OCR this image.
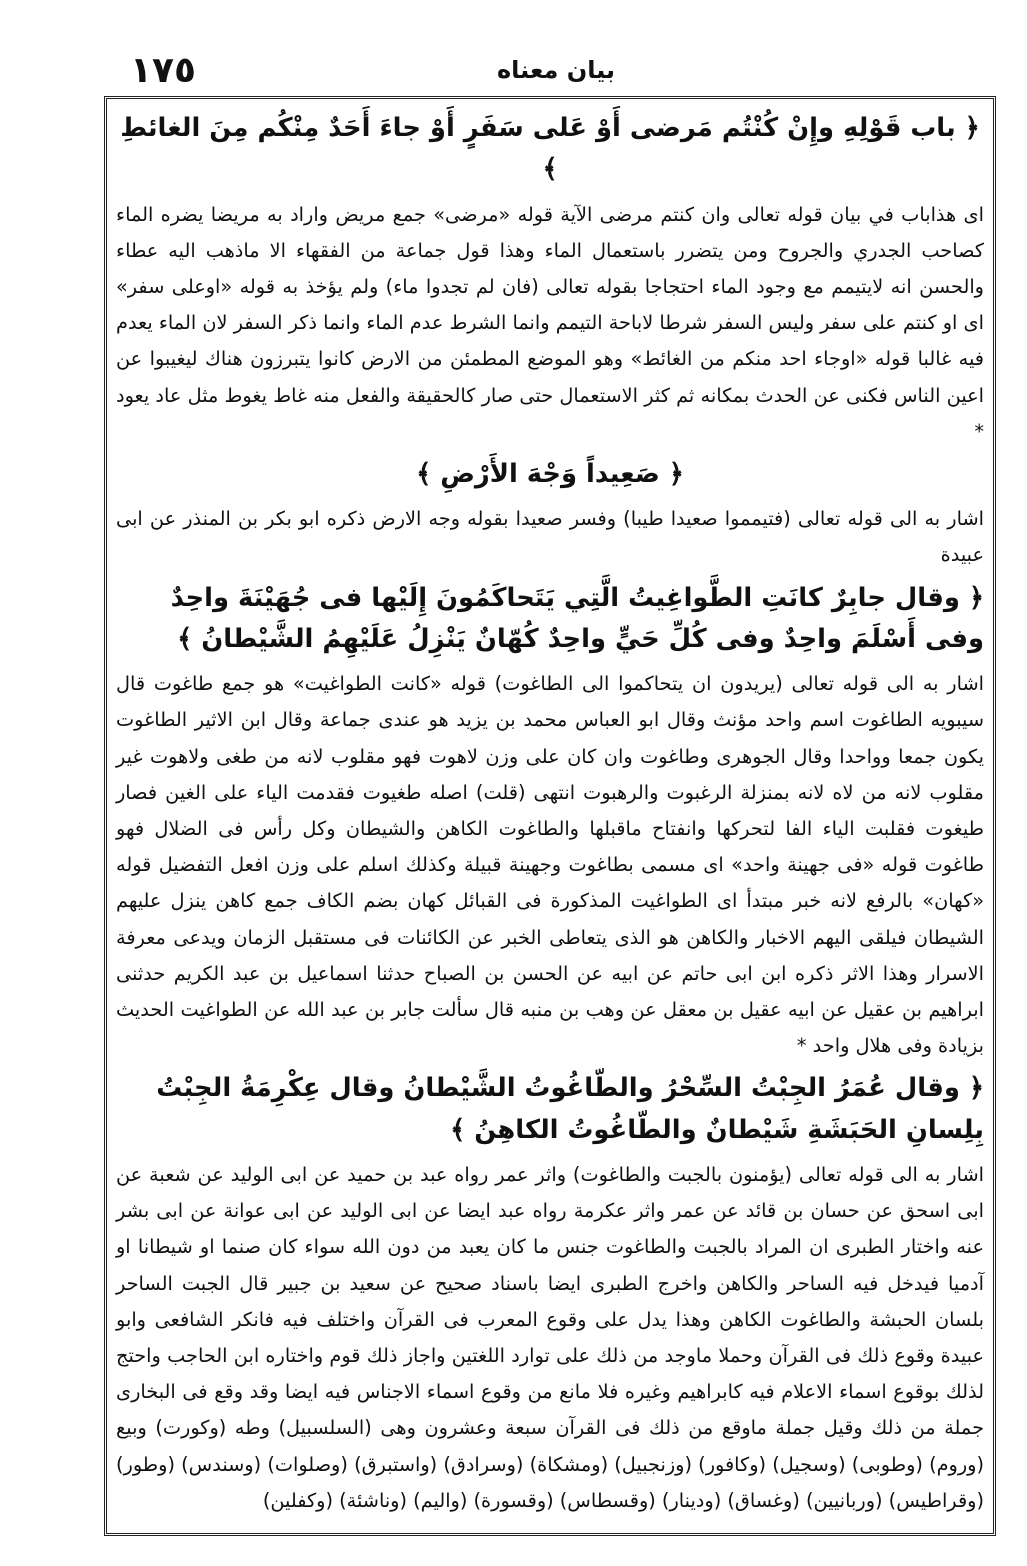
١٧٥	بيان معناه
﴿ باب قَوْلِهِ وإِنْ كُنْتُم مَرضى أَوْ عَلى سَفَرٍ أَوْ جاءَ أَحَدٌ مِنْكُم مِنَ الغائطِ ﴾

اى هذاباب في بيان قوله تعالى وان كنتم مرضى الآية قوله «مرضى» جمع مريض واراد به مريضا يضره الماء كصاحب الجدري والجروح ومن يتضرر باستعمال الماء وهذا قول جماعة من الفقهاء الا ماذهب اليه عطاء والحسن انه لايتيمم مع وجود الماء احتجاجا بقوله تعالى (فان لم تجدوا ماء) ولم يؤخذ به قوله «اوعلى سفر» اى او كنتم على سفر وليس السفر شرطا لاباحة التيمم وانما الشرط عدم الماء وانما ذكر السفر لان الماء يعدم فيه غالبا قوله «اوجاء احد منكم من الغائط» وهو الموضع المطمئن من الارض كانوا يتبرزون هناك ليغيبوا عن اعين الناس فكنى عن الحدث بمكانه ثم كثر الاستعمال حتى صار كالحقيقة والفعل منه غاط يغوط مثل عاد يعود *

﴿ صَعِيداً وَجْهَ الأَرْضِ ﴾

اشار به الى قوله تعالى (فتيمموا صعيدا طيبا) وفسر صعيدا بقوله وجه الارض ذكره ابو بكر بن المنذر عن ابى عبيدة

﴿ وقال جابِرٌ كانَتِ الطَّواغِيتُ الَّتِي يَتَحاكَمُونَ إِلَيْها فى جُهَيْنَةَ واحِدٌ وفى أَسْلَمَ واحِدٌ وفى كُلِّ حَيٍّ واحِدٌ كُهّانٌ يَنْزِلُ عَلَيْهِمُ الشَّيْطانُ ﴾

اشار به الى قوله تعالى (يريدون ان يتحاكموا الى الطاغوت) قوله «كانت الطواغيت» هو جمع طاغوت قال سيبويه الطاغوت اسم واحد مؤنث وقال ابو العباس محمد بن يزيد هو عندى جماعة وقال ابن الاثير الطاغوت يكون جمعا وواحدا وقال الجوهرى وطاغوت وان كان على وزن لاهوت فهو مقلوب لانه من طغى ولاهوت غير مقلوب لانه من لاه لانه بمنزلة الرغبوت والرهبوت انتهى (قلت) اصله طغيوت فقدمت الياء على الغين فصار طيغوت فقلبت الياء الفا لتحركها وانفتاح ماقبلها والطاغوت الكاهن والشيطان وكل رأس فى الضلال فهو طاغوت قوله «فى جهينة واحد» اى مسمى بطاغوت وجهينة قبيلة وكذلك اسلم على وزن افعل التفضيل قوله «كهان» بالرفع لانه خبر مبتدأ اى الطواغيت المذكورة فى القبائل كهان بضم الكاف جمع كاهن ينزل عليهم الشيطان فيلقى اليهم الاخبار والكاهن هو الذى يتعاطى الخبر عن الكائنات فى مستقبل الزمان ويدعى معرفة الاسرار وهذا الاثر ذكره ابن ابى حاتم عن ابيه عن الحسن بن الصباح حدثنا اسماعيل بن عبد الكريم حدثنى ابراهيم بن عقيل عن ابيه عقيل بن معقل عن وهب بن منبه قال سألت جابر بن عبد الله عن الطواغيت الحديث بزيادة وفى هلال واحد *

﴿ وقال عُمَرُ الجِبْتُ السِّحْرُ والطّاغُوتُ الشَّيْطانُ وقال عِكْرِمَةُ الجِبْتُ بِلِسانِ الحَبَشَةِ شَيْطانٌ والطّاغُوتُ الكاهِنُ ﴾

اشار به الى قوله تعالى (يؤمنون بالجبت والطاغوت) واثر عمر رواه عبد بن حميد عن ابى الوليد عن شعبة عن ابى اسحق عن حسان بن قائد عن عمر واثر عكرمة رواه عبد ايضا عن ابى الوليد عن ابى عوانة عن ابى بشر عنه واختار الطبرى ان المراد بالجبت والطاغوت جنس ما كان يعبد من دون الله سواء كان صنما او شيطانا او آدميا فيدخل فيه الساحر والكاهن واخرج الطبرى ايضا باسناد صحيح عن سعيد بن جبير قال الجبت الساحر بلسان الحبشة والطاغوت الكاهن وهذا يدل على وقوع المعرب فى القرآن واختلف فيه فانكر الشافعى وابو عبيدة وقوع ذلك فى القرآن وحملا ماوجد من ذلك على توارد اللغتين واجاز ذلك قوم واختاره ابن الحاجب واحتج لذلك بوقوع اسماء الاعلام فيه كابراهيم وغيره فلا مانع من وقوع اسماء الاجناس فيه ايضا وقد وقع فى البخارى جملة من ذلك وقيل جملة ماوقع من ذلك فى القرآن سبعة وعشرون وهى (السلسبيل) وطه (وكورت) وبيع (وروم) (وطوبى) (وسجيل) (وكافور) (وزنجبيل) (ومشكاة) (وسرادق) (واستبرق) (وصلوات) (وسندس) (وطور) (وقراطيس) (وربانيين) (وغساق) (ودينار) (وقسطاس) (وقسورة) (واليم) (وناشئة) (وكفلين)
